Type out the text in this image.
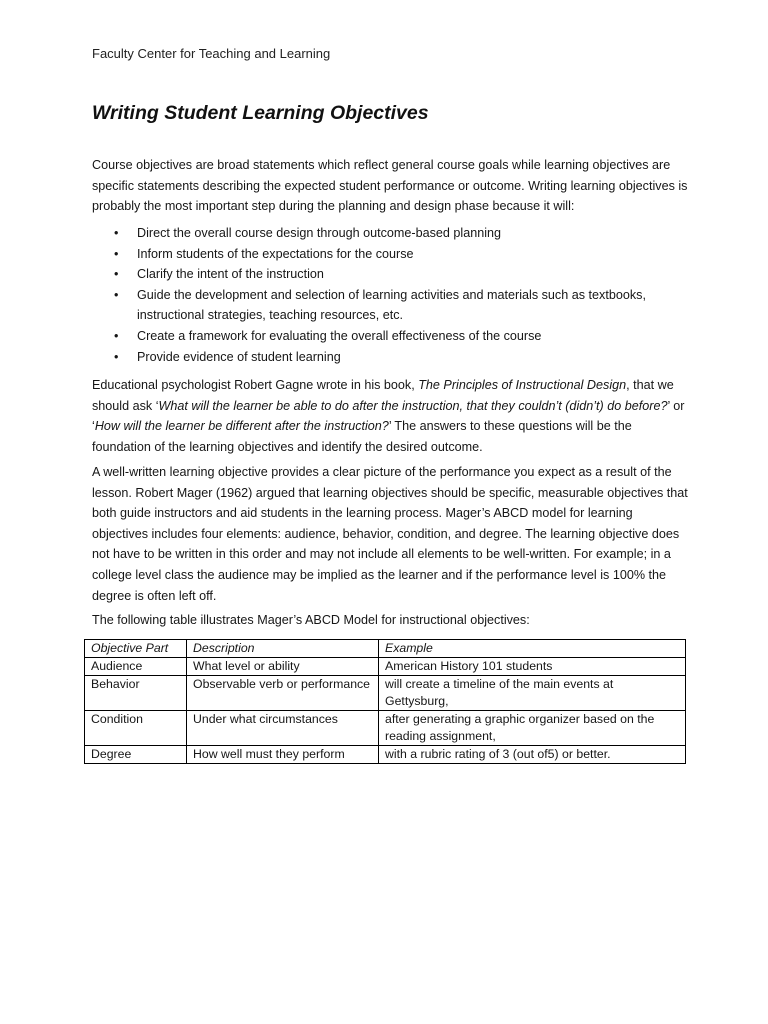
Faculty Center for Teaching and Learning
Writing Student Learning Objectives

Course objectives are broad statements which reflect general course goals while learning objectives are specific statements describing the expected student performance or outcome. Writing learning objectives is probably the most important step during the planning and design phase because it will:

• Direct the overall course design through outcome-based planning
• Inform students of the expectations for the course
• Clarify the intent of the instruction
• Guide the development and selection of learning activities and materials such as textbooks, instructional strategies, teaching resources, etc.
• Create a framework for evaluating the overall effectiveness of the course
• Provide evidence of student learning

Educational psychologist Robert Gagne wrote in his book, The Principles of Instructional Design, that we should ask ‘What will the learner be able to do after the instruction, that they couldn’t (didn’t) do before?’ or ‘How will the learner be different after the instruction?’ The answers to these questions will be the foundation of the learning objectives and identify the desired outcome.

A well-written learning objective provides a clear picture of the performance you expect as a result of the lesson. Robert Mager (1962) argued that learning objectives should be specific, measurable objectives that both guide instructors and aid students in the learning process. Mager’s ABCD model for learning objectives includes four elements: audience, behavior, condition, and degree. The learning objective does not have to be written in this order and may not include all elements to be well-written. For example; in a college level class the audience may be implied as the learner and if the performance level is 100% the degree is often left off.

The following table illustrates Mager’s ABCD Model for instructional objectives:

Objective Part	Description	Example
Audience	What level or ability	American History 101 students
Behavior	Observable verb or performance	will create a timeline of the main events at Gettysburg,
Condition	Under what circumstances	after generating a graphic organizer based on the reading assignment,
Degree	How well must they perform	with a rubric rating of 3 (out of5) or better.
